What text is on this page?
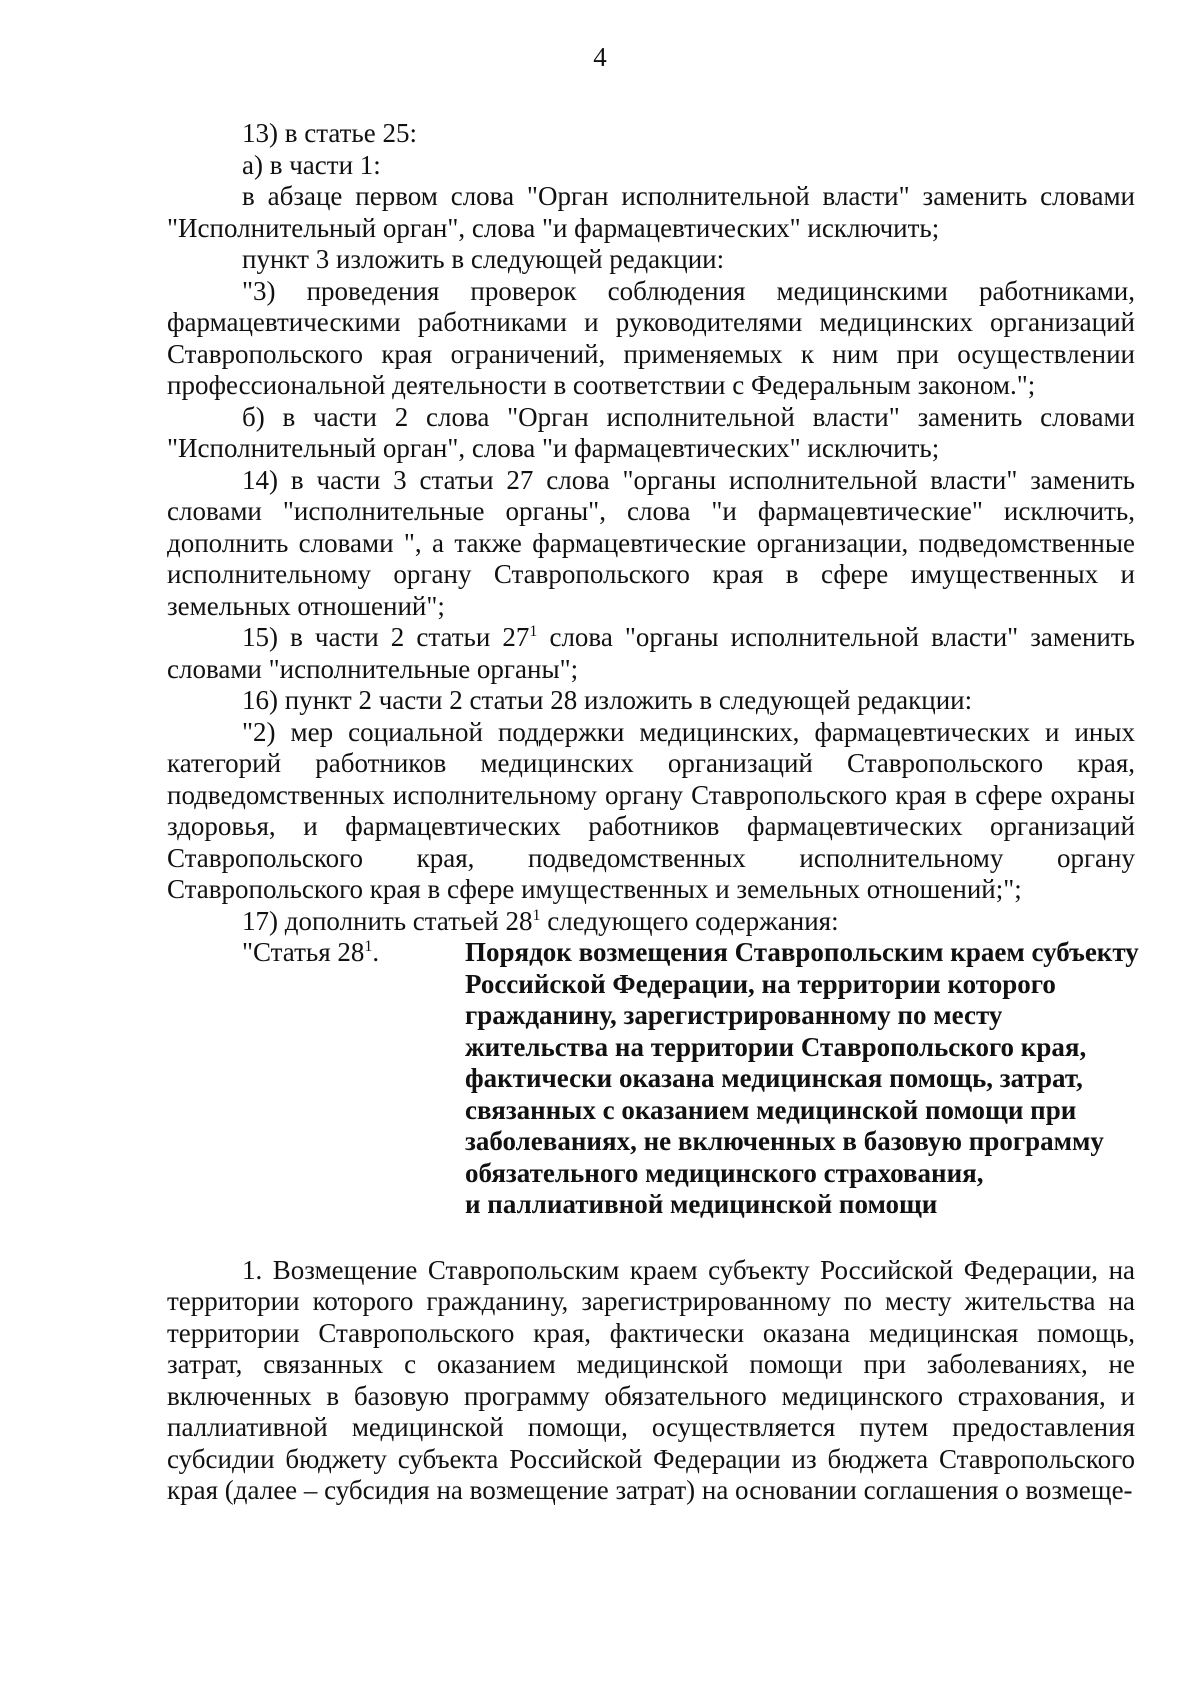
4

13) в статье 25:

а) в части 1:

в абзаце первом слова "Орган исполнительной власти" заменить словами "Исполнительный орган", слова "и фармацевтических" исключить;

пункт 3 изложить в следующей редакции:

"3) проведения проверок соблюдения медицинскими работниками, фармацевтическими работниками и руководителями медицинских организаций Ставропольского края ограничений, применяемых к ним при осуществлении профессиональной деятельности в соответствии с Федеральным законом.";

б) в части 2 слова "Орган исполнительной власти" заменить словами "Исполнительный орган", слова "и фармацевтических" исключить;

14) в части 3 статьи 27 слова "органы исполнительной власти" заменить словами "исполнительные органы", слова "и фармацевтические" исключить, дополнить словами ", а также фармацевтические организации, подведомственные исполнительному органу Ставропольского края в сфере имущественных и земельных отношений";

15) в части 2 статьи $27^1$ слова "органы исполнительной власти" заменить словами "исполнительные органы";

16) пункт 2 части 2 статьи 28 изложить в следующей редакции:

"2) мер социальной поддержки медицинских, фармацевтических и иных категорий работников медицинских организаций Ставропольского края, подведомственных исполнительному органу Ставропольского края в сфере охраны здоровья, и фармацевтических работников фармацевтических организаций Ставропольского края, подведомственных исполнительному органу Ставропольского края в сфере имущественных и земельных отношений;";

17) дополнить статьей $28^1$ следующего содержания:

"Статья $28^1$.	Порядок возмещения Ставропольским краем субъекту
Российской Федерации, на территории которого
гражданину, зарегистрированному по месту
жительства на территории Ставропольского края,
фактически оказана медицинская помощь, затрат,
связанных с оказанием медицинской помощи при
заболеваниях, не включенных в базовую программу
обязательного медицинского страхования,
и паллиативной медицинской помощи

1. Возмещение Ставропольским краем субъекту Российской Федерации, на территории которого гражданину, зарегистрированному по месту жительства на территории Ставропольского края, фактически оказана медицинская помощь, затрат, связанных с оказанием медицинской помощи при заболеваниях, не включенных в базовую программу обязательного медицинского страхования, и паллиативной медицинской помощи, осуществляется путем предоставления субсидии бюджету субъекта Российской Федерации из бюджета Ставропольского края (далее – субсидия на возмещение затрат) на основании соглашения о возмеще-
